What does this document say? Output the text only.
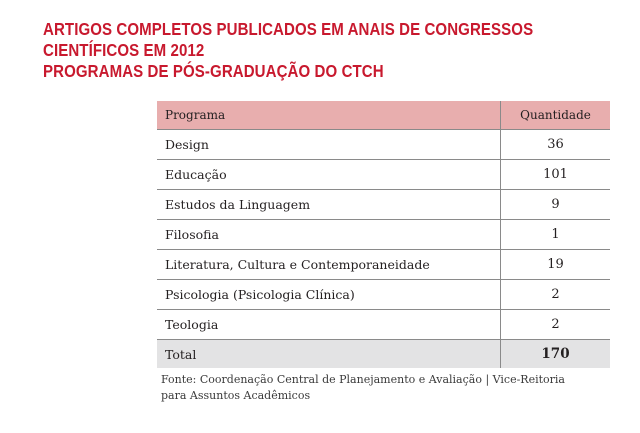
ARTIGOS COMPLETOS PUBLICADOS EM ANAIS DE CONGRESSOS
CIENTÍFICOS EM 2012
PROGRAMAS DE PÓS-GRADUAÇÃO DO CTCH
Programa	Quantidade
Design	36
Educação	101
Estudos da Linguagem	9
Filosofia	1
Literatura, Cultura e Contemporaneidade	19
Psicologia (Psicologia Clínica)	2
Teologia	2
Total	170
Fonte: Coordenação Central de Planejamento e Avaliação | Vice-Reitoria
para Assuntos Acadêmicos
